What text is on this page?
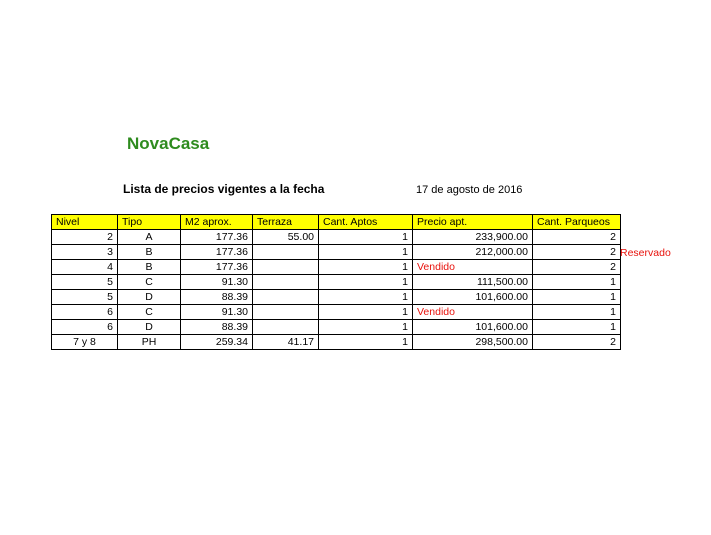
NovaCasa
Lista de precios vigentes a la fecha	17 de agosto de 2016
Nivel	Tipo	M2 aprox.	Terraza	Cant. Aptos	Precio apt.	Cant. Parqueos
2	A	177.36	55.00	1	233,900.00	2
3	B	177.36		1	212,000.00	2
4	B	177.36		1	Vendido	2
5	C	91.30		1	111,500.00	1
5	D	88.39		1	101,600.00	1
6	C	91.30		1	Vendido	1
6	D	88.39		1	101,600.00	1
7 y 8	PH	259.34	41.17	1	298,500.00	2
Reservado
